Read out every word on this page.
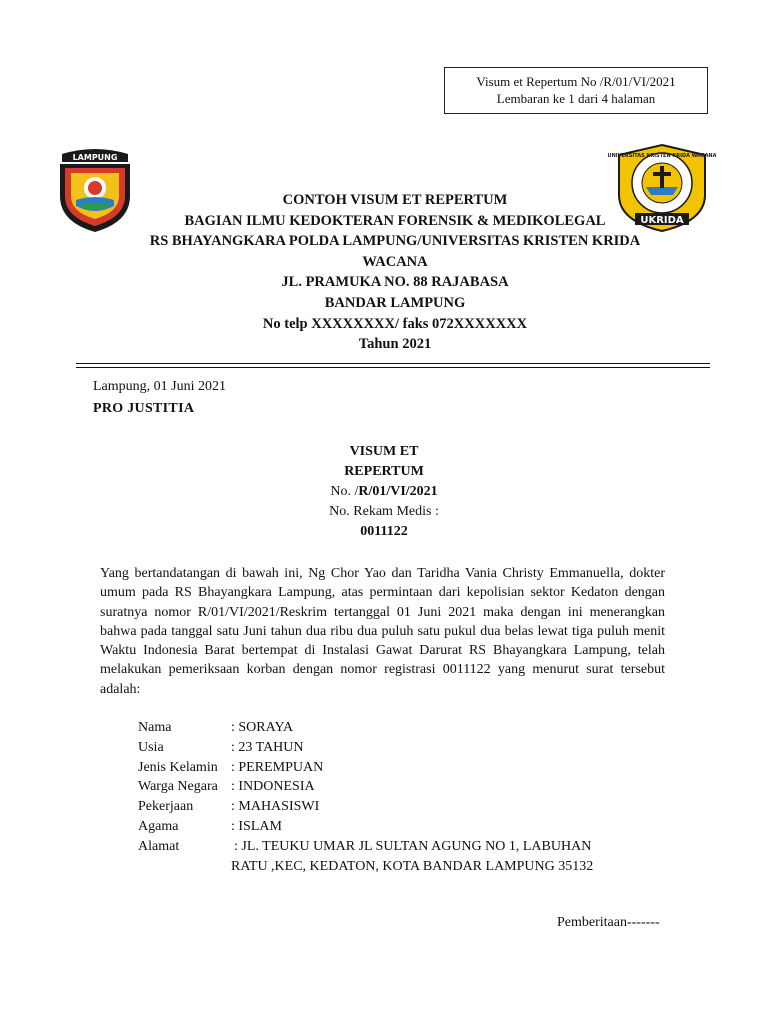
Visum et Repertum No /R/01/VI/2021
Lembaran ke 1 dari 4 halaman
LAMPUNG	UNIVERSITAS KRISTEN KRIDA WACANA
UKRIDA
CONTOH VISUM ET REPERTUM
BAGIAN ILMU KEDOKTERAN FORENSIK & MEDIKOLEGAL
RS BHAYANGKARA POLDA LAMPUNG/UNIVERSITAS KRISTEN KRIDA
WACANA
JL. PRAMUKA NO. 88 RAJABASA
BANDAR LAMPUNG
No telp XXXXXXXX/ faks 072XXXXXXX
Tahun 2021
Lampung, 01 Juni 2021
PRO JUSTITIA
VISUM ET
REPERTUM
No. /R/01/VI/2021
No. Rekam Medis :
0011122
Yang bertandatangan di bawah ini, Ng Chor Yao dan Taridha Vania Christy Emmanuella, dokter umum pada RS Bhayangkara Lampung, atas permintaan dari kepolisian sektor Kedaton dengan suratnya nomor R/01/VI/2021/Reskrim tertanggal 01 Juni 2021 maka dengan ini menerangkan bahwa pada tanggal satu Juni tahun dua ribu dua puluh satu pukul dua belas lewat tiga puluh menit Waktu Indonesia Barat bertempat di Instalasi Gawat Darurat RS Bhayangkara Lampung, telah melakukan pemeriksaan korban dengan nomor registrasi 0011122 yang menurut surat tersebut adalah:
Nama	: SORAYA
Usia	: 23 TAHUN
Jenis Kelamin : PEREMPUAN
Warga Negara : INDONESIA
Pekerjaan	: MAHASISWI
Agama	: ISLAM
Alamat	: JL. TEUKU UMAR JL SULTAN AGUNG NO 1, LABUHAN
RATU ,KEC, KEDATON, KOTA BANDAR LAMPUNG 35132
Pemberitaan-------
